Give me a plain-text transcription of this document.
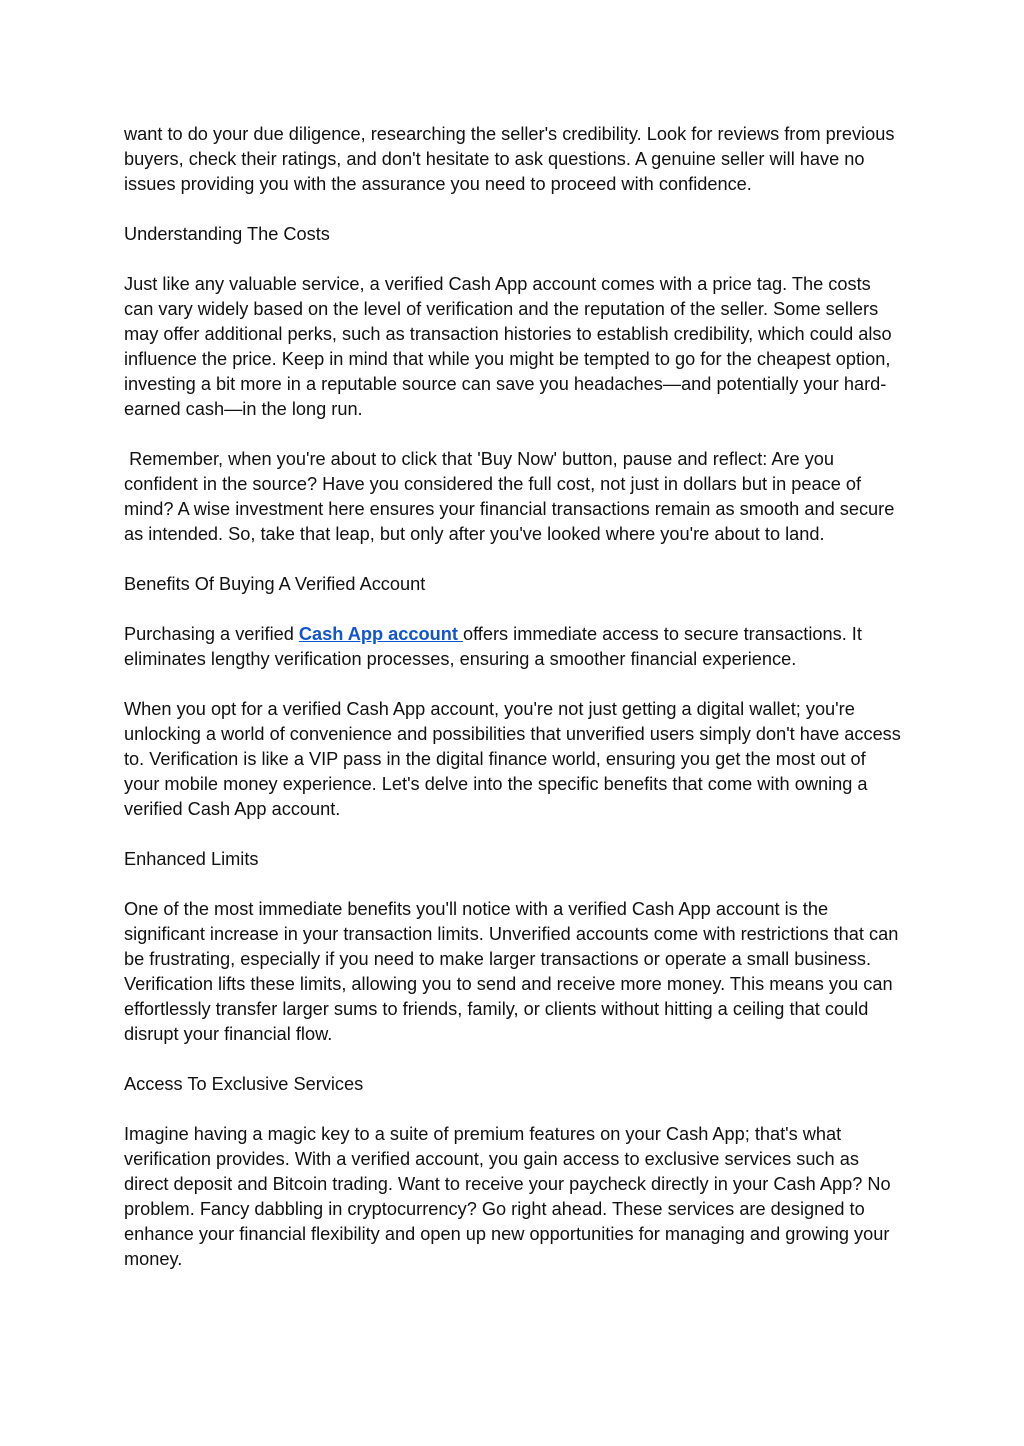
want to do your due diligence, researching the seller's credibility. Look for reviews from previous buyers, check their ratings, and don't hesitate to ask questions. A genuine seller will have no issues providing you with the assurance you need to proceed with confidence.

Understanding The Costs

Just like any valuable service, a verified Cash App account comes with a price tag. The costs can vary widely based on the level of verification and the reputation of the seller. Some sellers may offer additional perks, such as transaction histories to establish credibility, which could also influence the price. Keep in mind that while you might be tempted to go for the cheapest option, investing a bit more in a reputable source can save you headaches—and potentially your hard-earned cash—in the long run.

Remember, when you're about to click that 'Buy Now' button, pause and reflect: Are you confident in the source? Have you considered the full cost, not just in dollars but in peace of mind? A wise investment here ensures your financial transactions remain as smooth and secure as intended. So, take that leap, but only after you've looked where you're about to land.

Benefits Of Buying A Verified Account

Purchasing a verified Cash App account offers immediate access to secure transactions. It eliminates lengthy verification processes, ensuring a smoother financial experience.

When you opt for a verified Cash App account, you're not just getting a digital wallet; you're unlocking a world of convenience and possibilities that unverified users simply don't have access to. Verification is like a VIP pass in the digital finance world, ensuring you get the most out of your mobile money experience. Let's delve into the specific benefits that come with owning a verified Cash App account.

Enhanced Limits

One of the most immediate benefits you'll notice with a verified Cash App account is the significant increase in your transaction limits. Unverified accounts come with restrictions that can be frustrating, especially if you need to make larger transactions or operate a small business. Verification lifts these limits, allowing you to send and receive more money. This means you can effortlessly transfer larger sums to friends, family, or clients without hitting a ceiling that could disrupt your financial flow.

Access To Exclusive Services

Imagine having a magic key to a suite of premium features on your Cash App; that's what verification provides. With a verified account, you gain access to exclusive services such as direct deposit and Bitcoin trading. Want to receive your paycheck directly in your Cash App? No problem. Fancy dabbling in cryptocurrency? Go right ahead. These services are designed to enhance your financial flexibility and open up new opportunities for managing and growing your money.
